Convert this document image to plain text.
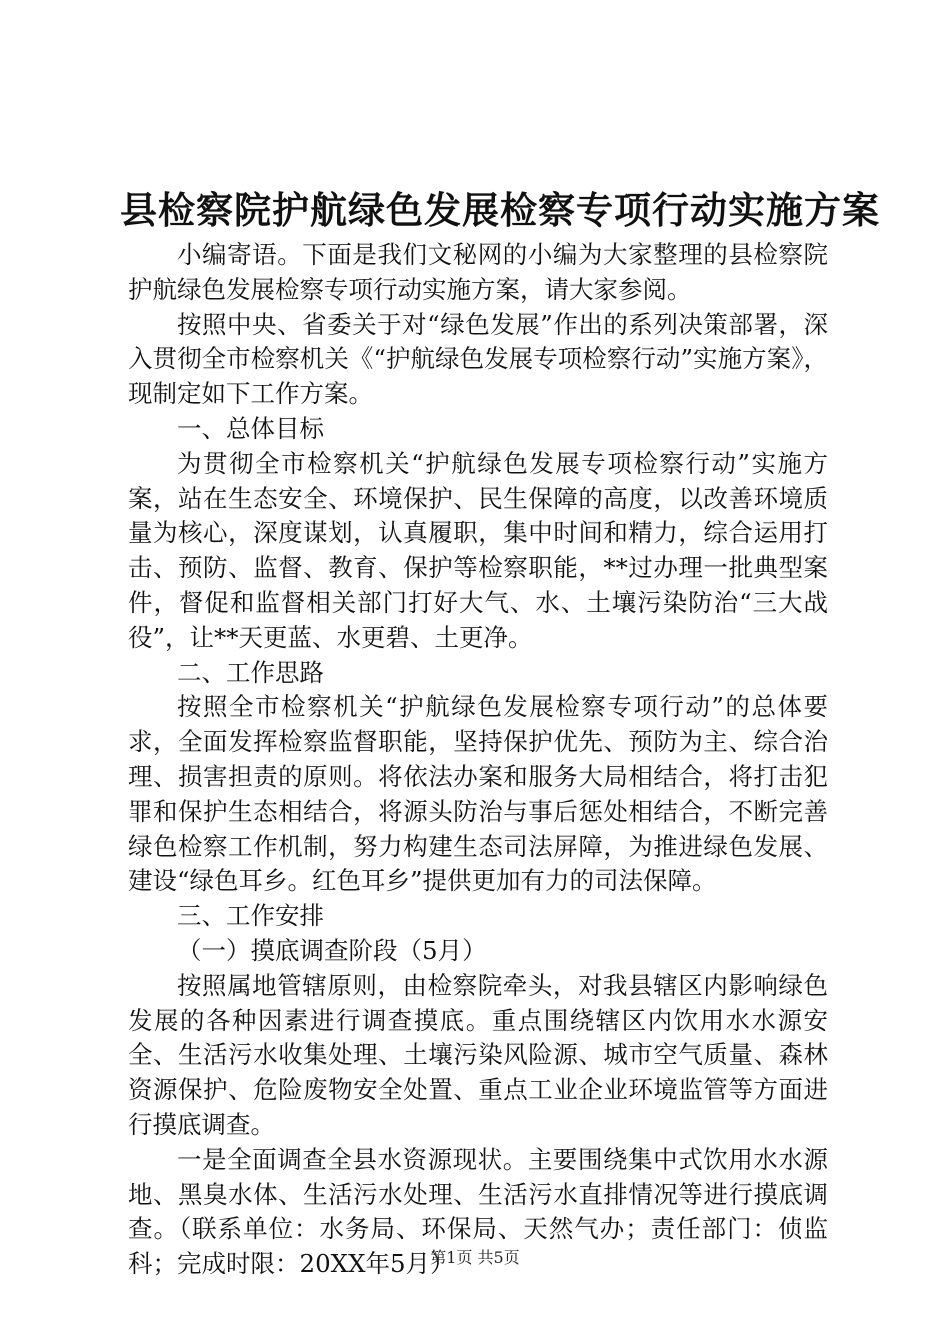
县检察院护航绿色发展检察专项行动实施方案

小编寄语。下面是我们文秘网的小编为大家整理的县检察院护航绿色发展检察专项行动实施方案，请大家参阅。

按照中央、省委关于对“绿色发展”作出的系列决策部署，深入贯彻全市检察机关《“护航绿色发展专项检察行动”实施方案》，现制定如下工作方案。

一、总体目标

为贯彻全市检察机关“护航绿色发展专项检察行动”实施方案，站在生态安全、环境保护、民生保障的高度，以改善环境质量为核心，深度谋划，认真履职，集中时间和精力，综合运用打击、预防、监督、教育、保护等检察职能，**过办理一批典型案件，督促和监督相关部门打好大气、水、土壤污染防治“三大战役”，让**天更蓝、水更碧、土更净。

二、工作思路

按照全市检察机关“护航绿色发展检察专项行动”的总体要求，全面发挥检察监督职能，坚持保护优先、预防为主、综合治理、损害担责的原则。将依法办案和服务大局相结合，将打击犯罪和保护生态相结合，将源头防治与事后惩处相结合，不断完善绿色检察工作机制，努力构建生态司法屏障，为推进绿色发展、建设“绿色耳乡。红色耳乡”提供更加有力的司法保障。

三、工作安排

（一）摸底调查阶段（5月）

按照属地管辖原则，由检察院牵头，对我县辖区内影响绿色发展的各种因素进行调查摸底。重点围绕辖区内饮用水水源安全、生活污水收集处理、土壤污染风险源、城市空气质量、森林资源保护、危险废物安全处置、重点工业企业环境监管等方面进行摸底调查。

一是全面调查全县水资源现状。主要围绕集中式饮用水水源地、黑臭水体、生活污水处理、生活污水直排情况等进行摸底调查。（联系单位：水务局、环保局、天然气办；责任部门：侦监科；完成时限：20XX年5月）

第1页 共5页
